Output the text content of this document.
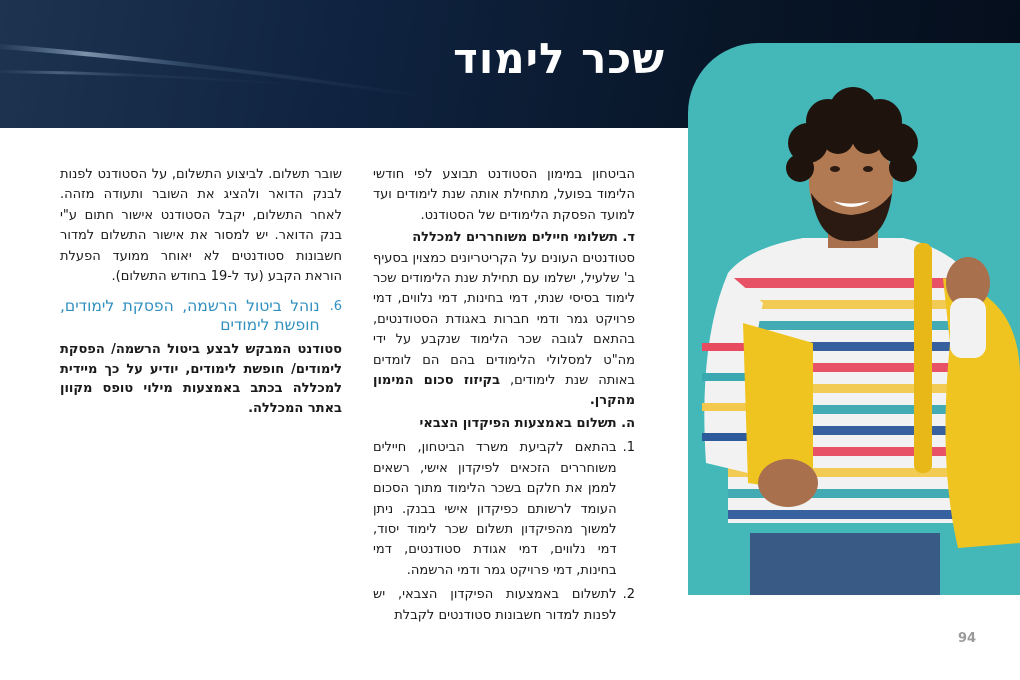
שכר לימוד

הביטחון במימון הסטודנט תבוצע לפי חודשי הלימוד בפועל, מתחילת אותה שנת לימודים ועד למועד הפסקת הלימודים של הסטודנט.

ד. תשלומי חיילים משוחררים למכללה

סטודנטים העונים על הקריטריונים כמצוין בסעיף ב' שלעיל, ישלמו עם תחילת שנת הלימודים שכר לימוד בסיסי שנתי, דמי בחינות, דמי נלווים, דמי פרויקט גמר ודמי חברות באגודת הסטודנטים, בהתאם לגובה שכר הלימוד שנקבע על ידי מה"ט למסלולי הלימודים בהם הם לומדים באותה שנת לימודים, בקיזוז סכום המימון מהקרן.

ה. תשלום באמצעות הפיקדון הצבאי

1.
בהתאם לקביעת משרד הביטחון, חיילים משוחררים הזכאים לפיקדון אישי, רשאים לממן את חלקם בשכר הלימוד מתוך הסכום העומד לרשותם כפיקדון אישי בבנק. ניתן למשוך מהפיקדון תשלום שכר לימוד יסוד, דמי נלווים, דמי אגודת סטודנטים, דמי בחינות, דמי פרויקט גמר ודמי הרשמה.

2.
לתשלום באמצעות הפיקדון הצבאי, יש לפנות למדור חשבונות סטודנטים לקבלת

שובר תשלום. לביצוע התשלום, על הסטודנט לפנות לבנק הדואר ולהציג את השובר ותעודה מזהה. לאחר התשלום, יקבל הסטודנט אישור חתום ע"י בנק הדואר. יש למסור את אישור התשלום למדור חשבונות סטודנטים לא יאוחר ממועד הפעלת הוראת הקבע (עד ל-19 בחודש התשלום).

6.
נוהל ביטול הרשמה, הפסקת לימודים, חופשת לימודים

סטודנט המבקש לבצע ביטול הרשמה/ הפסקת לימודים/ חופשת לימודים, יודיע על כך מיידית למכללה בכתב באמצעות מילוי טופס מקוון באתר המכללה.

94
